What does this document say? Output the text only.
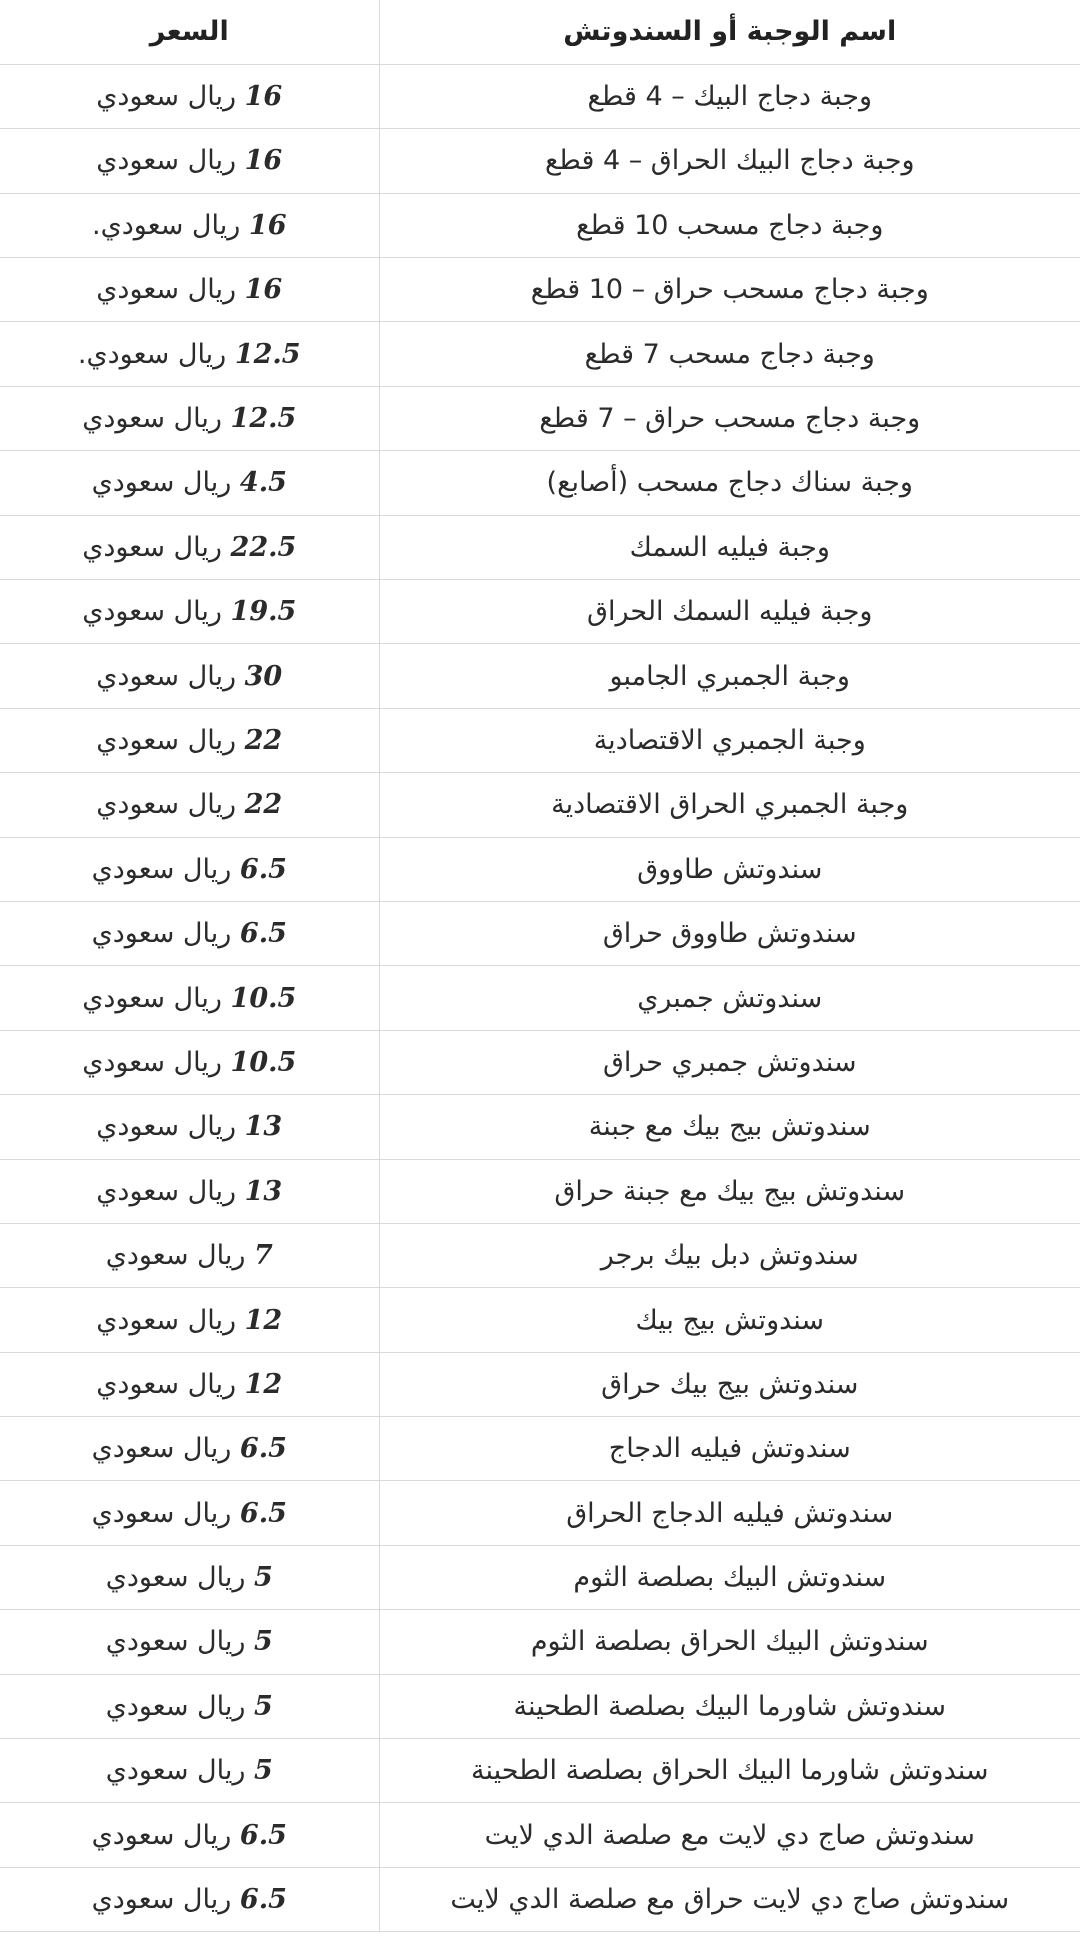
اسم الوجبة أو السندوتش	السعر
وجبة دجاج البيك – 4 قطع	16 ريال سعودي
وجبة دجاج البيك الحراق – 4 قطع	16 ريال سعودي
وجبة دجاج مسحب 10 قطع	16 ريال سعودي.
وجبة دجاج مسحب حراق – 10 قطع	16 ريال سعودي
وجبة دجاج مسحب 7 قطع	12.5 ريال سعودي.
وجبة دجاج مسحب حراق – 7 قطع	12.5 ريال سعودي
وجبة سناك دجاج مسحب (أصابع)	4.5 ريال سعودي
وجبة فيليه السمك	22.5 ريال سعودي
وجبة فيليه السمك الحراق	19.5 ريال سعودي
وجبة الجمبري الجامبو	30 ريال سعودي
وجبة الجمبري الاقتصادية	22 ريال سعودي
وجبة الجمبري الحراق الاقتصادية	22 ريال سعودي
سندوتش طاووق	6.5 ريال سعودي
سندوتش طاووق حراق	6.5 ريال سعودي
سندوتش جمبري	10.5 ريال سعودي
سندوتش جمبري حراق	10.5 ريال سعودي
سندوتش بيج بيك مع جبنة	13 ريال سعودي
سندوتش بيج بيك مع جبنة حراق	13 ريال سعودي
سندوتش دبل بيك برجر	7 ريال سعودي
سندوتش بيج بيك	12 ريال سعودي
سندوتش بيج بيك حراق	12 ريال سعودي
سندوتش فيليه الدجاج	6.5 ريال سعودي
سندوتش فيليه الدجاج الحراق	6.5 ريال سعودي
سندوتش البيك بصلصة الثوم	5 ريال سعودي
سندوتش البيك الحراق بصلصة الثوم	5 ريال سعودي
سندوتش شاورما البيك بصلصة الطحينة	5 ريال سعودي
سندوتش شاورما البيك الحراق بصلصة الطحينة	5 ريال سعودي
سندوتش صاج دي لايت مع صلصة الدي لايت	6.5 ريال سعودي
سندوتش صاج دي لايت حراق مع صلصة الدي لايت	6.5 ريال سعودي
